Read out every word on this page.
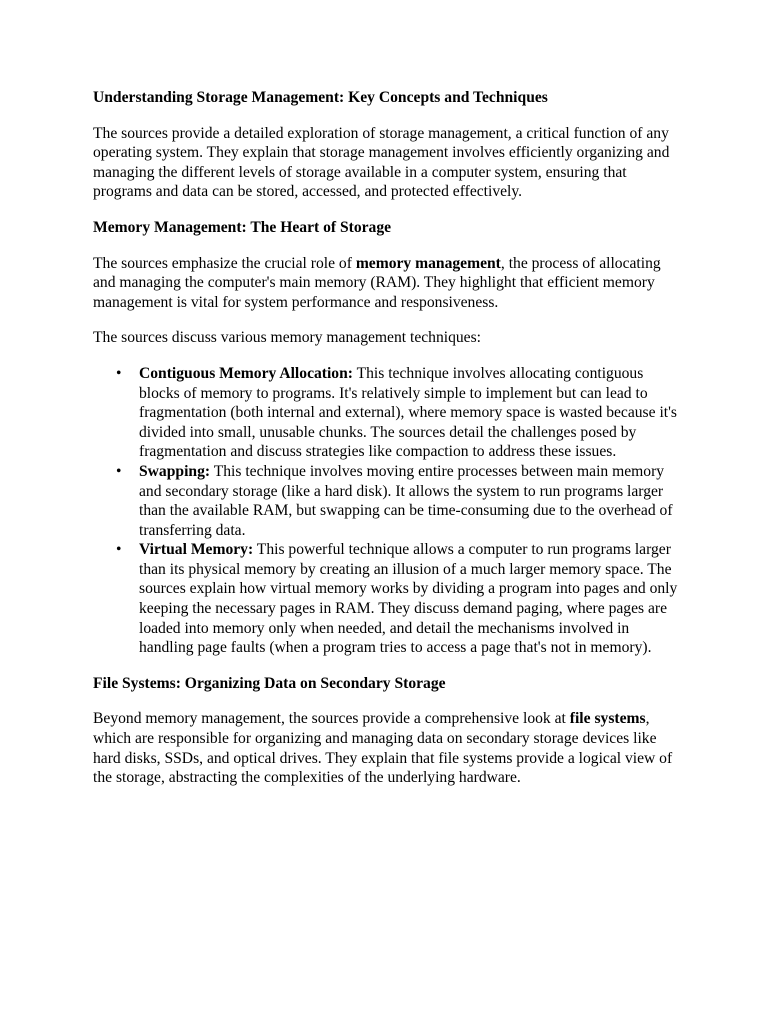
Understanding Storage Management: Key Concepts and Techniques

The sources provide a detailed exploration of storage management, a critical function of any operating system. They explain that storage management involves efficiently organizing and managing the different levels of storage available in a computer system, ensuring that programs and data can be stored, accessed, and protected effectively.

Memory Management: The Heart of Storage

The sources emphasize the crucial role of memory management, the process of allocating and managing the computer's main memory (RAM). They highlight that efficient memory management is vital for system performance and responsiveness.

The sources discuss various memory management techniques:

• Contiguous Memory Allocation: This technique involves allocating contiguous blocks of memory to programs. It's relatively simple to implement but can lead to fragmentation (both internal and external), where memory space is wasted because it's divided into small, unusable chunks. The sources detail the challenges posed by fragmentation and discuss strategies like compaction to address these issues.
• Swapping: This technique involves moving entire processes between main memory and secondary storage (like a hard disk). It allows the system to run programs larger than the available RAM, but swapping can be time-consuming due to the overhead of transferring data.
• Virtual Memory: This powerful technique allows a computer to run programs larger than its physical memory by creating an illusion of a much larger memory space. The sources explain how virtual memory works by dividing a program into pages and only keeping the necessary pages in RAM. They discuss demand paging, where pages are loaded into memory only when needed, and detail the mechanisms involved in handling page faults (when a program tries to access a page that's not in memory).
File Systems: Organizing Data on Secondary Storage

Beyond memory management, the sources provide a comprehensive look at file systems, which are responsible for organizing and managing data on secondary storage devices like hard disks, SSDs, and optical drives. They explain that file systems provide a logical view of the storage, abstracting the complexities of the underlying hardware.
